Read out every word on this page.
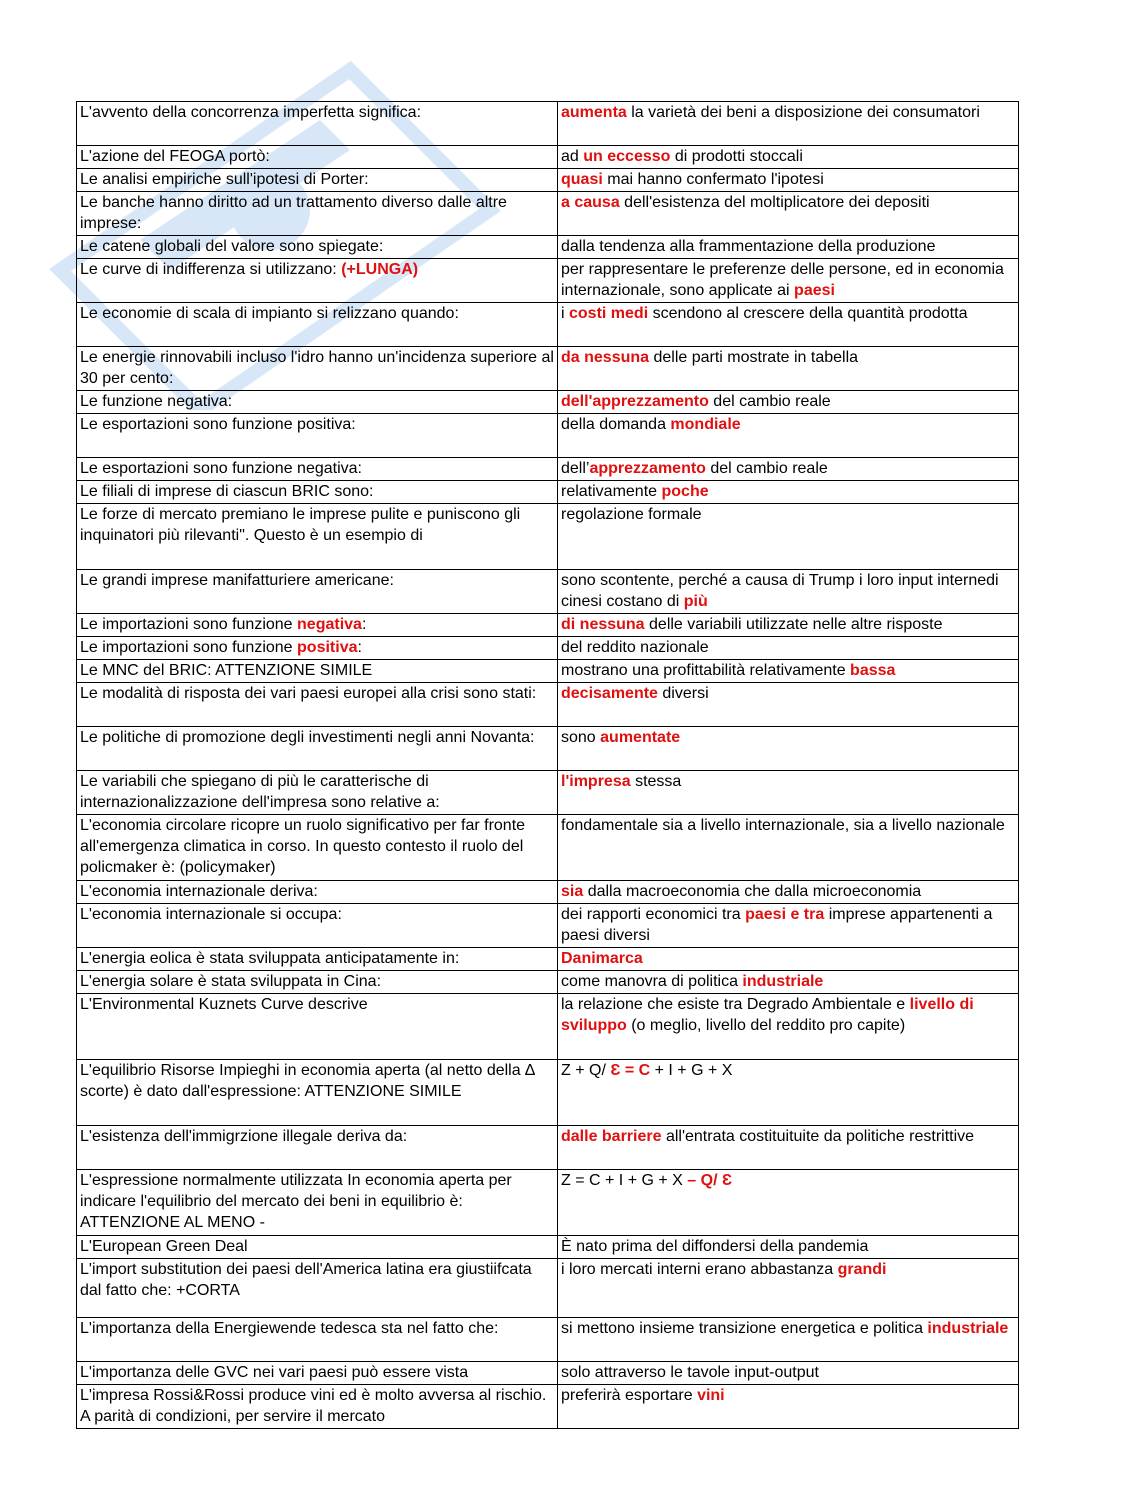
L'avvento della concorrenza imperfetta significa:	aumenta la varietà dei beni a disposizione dei consumatori
L'azione del FEOGA portò:	ad un eccesso di prodotti stoccali
Le analisi empiriche sull'ipotesi di Porter:	quasi mai hanno confermato l'ipotesi
Le banche hanno diritto ad un trattamento diverso dalle altre imprese:	a causa dell'esistenza del moltiplicatore dei depositi
Le catene globali del valore sono spiegate:	dalla tendenza alla frammentazione della produzione
Le curve di indifferenza si utilizzano: (+LUNGA)	per rappresentare le preferenze delle persone, ed in economia internazionale, sono applicate ai paesi
Le economie di scala di impianto si relizzano quando:	i costi medi scendono al crescere della quantità prodotta
Le energie rinnovabili incluso l'idro hanno un'incidenza superiore al 30 per cento:	da nessuna delle parti mostrate in tabella
Le funzione negativa:	dell'apprezzamento del cambio reale
Le esportazioni sono funzione positiva:	della domanda mondiale
Le esportazioni sono funzione negativa:	dell’apprezzamento del cambio reale
Le filiali di imprese di ciascun BRIC sono:	relativamente poche
Le forze di mercato premiano le imprese pulite e puniscono gli inquinatori più rilevanti". Questo è un esempio di	regolazione formale
Le grandi imprese manifatturiere americane:	sono scontente, perché a causa di Trump i loro input internedi cinesi costano di più
Le importazioni sono funzione negativa:	di nessuna delle variabili utilizzate nelle altre risposte
Le importazioni sono funzione positiva:	del reddito nazionale
Le MNC del BRIC: ATTENZIONE SIMILE	mostrano una profittabilità relativamente bassa
Le modalità di risposta dei vari paesi europei alla crisi sono stati:	decisamente diversi
Le politiche di promozione degli investimenti negli anni Novanta:	sono aumentate
Le variabili che spiegano di più le caratterische di internazionalizzazione dell'impresa sono relative a:	l'impresa stessa
L'economia circolare ricopre un ruolo significativo per far fronte all'emergenza climatica in corso. In questo contesto il ruolo del policmaker è: (policymaker)	fondamentale sia a livello internazionale, sia a livello nazionale
L'economia internazionale deriva:	sia dalla macroeconomia che dalla microeconomia
L'economia internazionale si occupa:	dei rapporti economici tra paesi e tra imprese appartenenti a paesi diversi
L'energia eolica è stata sviluppata anticipatamente in:	Danimarca
L'energia solare è stata sviluppata in Cina:	come manovra di politica industriale
L'Environmental Kuznets Curve descrive	la relazione che esiste tra Degrado Ambientale e livello di sviluppo (o meglio, livello del reddito pro capite)
L'equilibrio Risorse Impieghi in economia aperta (al netto della ∆ scorte) è dato dall'espressione: ATTENZIONE SIMILE	Z + Q/ Ɛ = C + I + G + X
L'esistenza dell'immigrzione illegale deriva da:	dalle barriere all'entrata costituituite da politiche restrittive
L'espressione normalmente utilizzata In economia aperta per indicare l'equilibrio del mercato dei beni in equilibrio è: ATTENZIONE AL MENO -	Z = C + I + G + X – Q/ Ɛ
L'European Green Deal	È nato prima del diffondersi della pandemia
L'import substitution dei paesi dell'America latina era giustiifcata dal fatto che: +CORTA	i loro mercati interni erano abbastanza grandi
L'importanza della Energiewende tedesca sta nel fatto che:	si mettono insieme transizione energetica e politica industriale
L'importanza delle GVC nei vari paesi può essere vista	solo attraverso le tavole input-output
L'impresa Rossi&Rossi produce vini ed è molto avversa al rischio. A parità di condizioni, per servire il mercato	preferirà esportare vini
